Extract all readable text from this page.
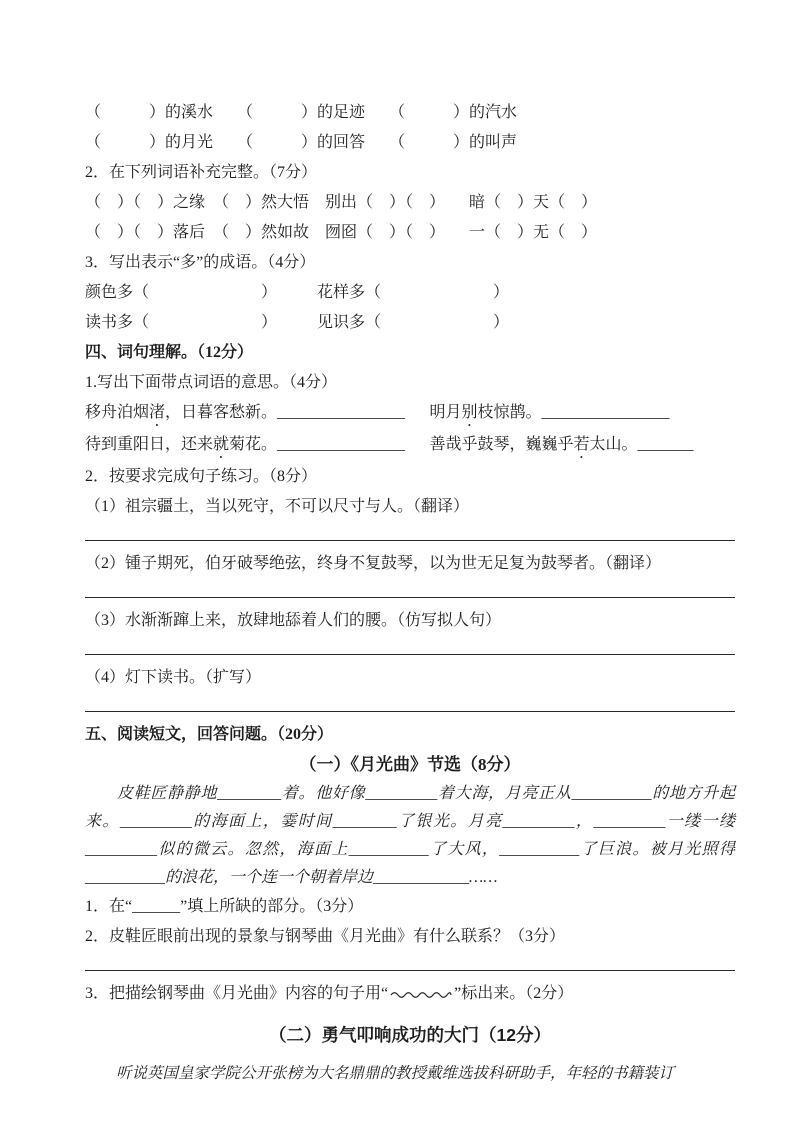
（　　　）的溪水　　（　　　）的足迹　　（　　　）的汽水

（　　　）的月光　　（　　　）的回答　　（　　　）的叫声

2．在下列词语补充完整。（7分）

（　）（　）之缘　（　）然大悟　别出（　）（　）　　暗（　）天（　）

（　）（　）落后　（　）然如故　囫囵（　）（　）　　一（　）无（　）

3．写出表示“多”的成语。（4分）

颜色多（　　　　　　　）　　　花样多（　　　　　　　）

读书多（　　　　　　　）　　　见识多（　　　　　　　）

四、词句理解。（12分）

1.写出下面带点词语的意思。（4分）

移舟泊烟渚，日暮客愁新。________________	明月别枝惊鹊。________________

待到重阳日，还来就菊花。________________	善哉乎鼓琴，巍巍乎若太山。_______

2．按要求完成句子练习。（8分）

（1）祖宗疆土，当以死守，不可以尺寸与人。（翻译）

（2）锺子期死，伯牙破琴绝弦，终身不复鼓琴，以为世无足复为鼓琴者。（翻译）

（3）水渐渐蹿上来，放肆地舔着人们的腰。（仿写拟人句）

（4）灯下读书。（扩写）

五、阅读短文，回答问题。（20分）

（一）《月光曲》节选（8分）

皮鞋匠静静地________着。他好像_________着大海，月亮正从__________的地方升起来。_________的海面上，霎时间________了银光。月亮_________，_________一缕一缕_________似的微云。忽然，海面上__________了大风，__________了巨浪。被月光照得__________的浪花，一个连一个朝着岸边____________……

1．在“______”填上所缺的部分。（3分）

2．皮鞋匠眼前出现的景象与钢琴曲《月光曲》有什么联系？（3分）

3．把描绘钢琴曲《月光曲》内容的句子用“	”标出来。（2分）

（二）勇气叩响成功的大门（12分）

听说英国皇家学院公开张榜为大名鼎鼎的教授戴维选拔科研助手，年轻的书籍装订
